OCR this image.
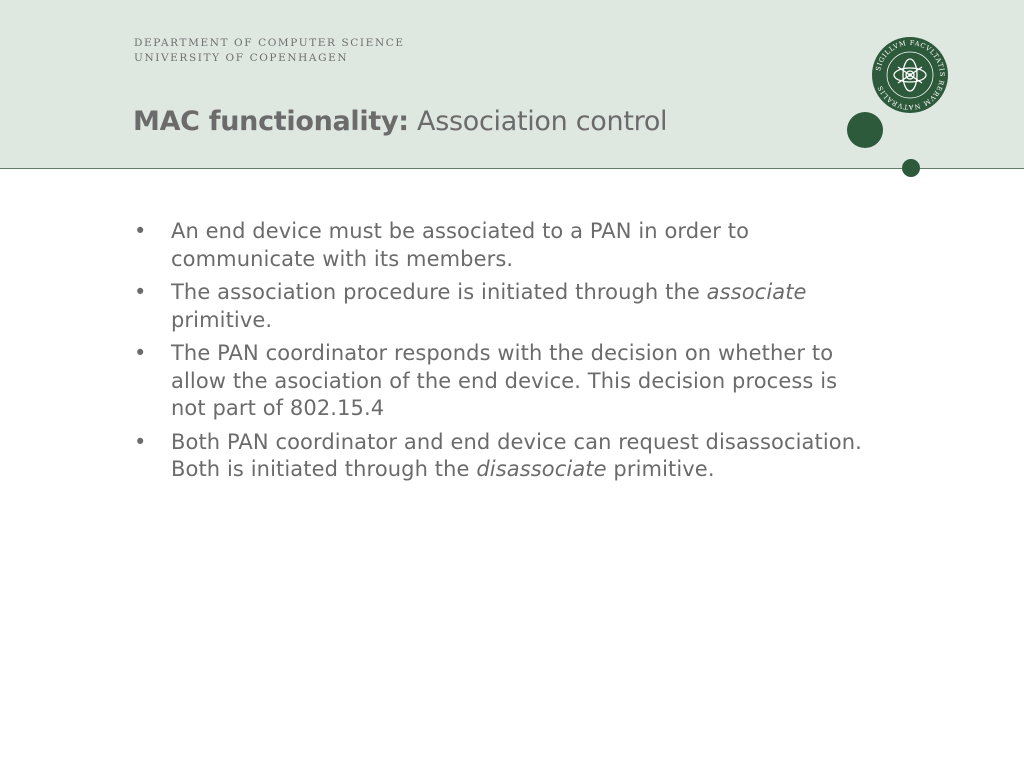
DEPARTMENT OF COMPUTER SCIENCE
UNIVERSITY OF COPENHAGEN
MAC functionality: Association control
SIGILLVM FACVLTATIS RERVM NATVRALIS
• An end device must be associated to a PAN in order to communicate with its members.
• The association procedure is initiated through the associate primitive.
• The PAN coordinator responds with the decision on whether to allow the asociation of the end device. This decision process is not part of 802.15.4
• Both PAN coordinator and end device can request disassociation. Both is initiated through the disassociate primitive.
